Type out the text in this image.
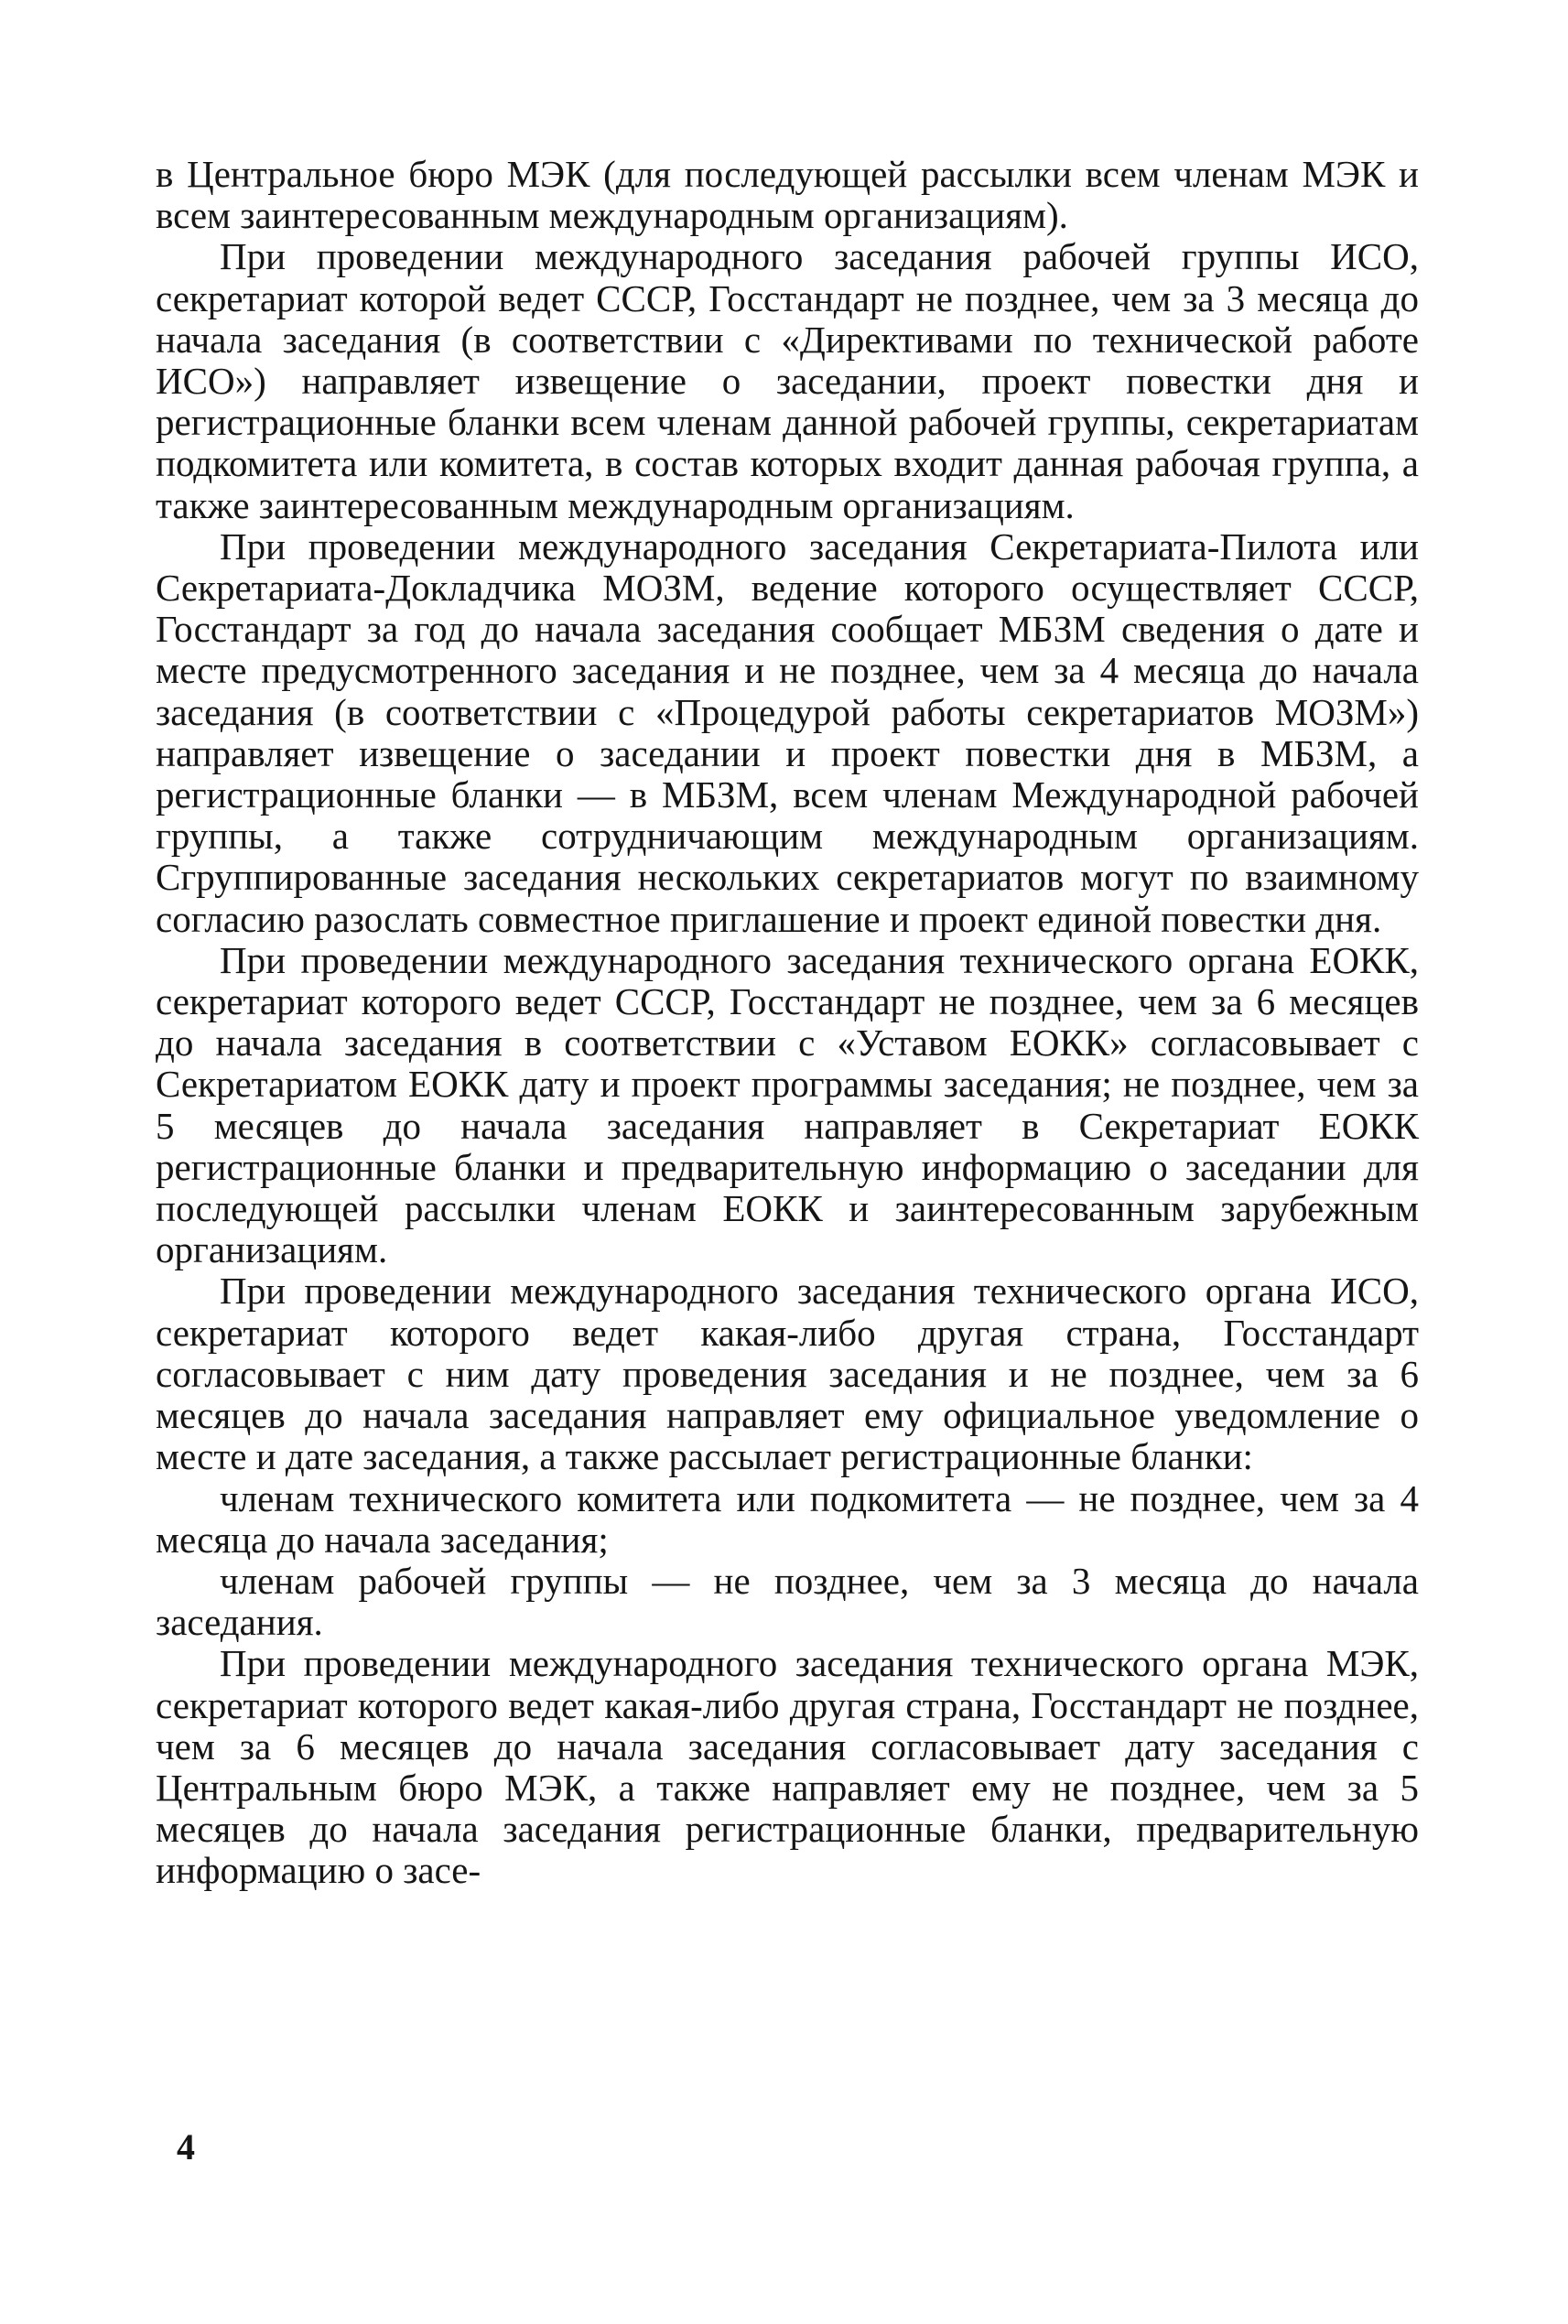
в Центральное бюро МЭК (для последующей рассылки всем членам МЭК и всем заинтересованным международным организациям).

При проведении международного заседания рабочей группы ИСО, секретариат которой ведет СССР, Госстандарт не позднее, чем за 3 месяца до начала заседания (в соответствии с «Директивами по технической работе ИСО») направляет извещение о заседании, проект повестки дня и регистрационные бланки всем членам данной рабочей группы, секретариатам подкомитета или комитета, в состав которых входит данная рабочая группа, а также заинтересованным международным организациям.

При проведении международного заседания Секретариата-Пилота или Секретариата-Докладчика МОЗМ, ведение которого осуществляет СССР, Госстандарт за год до начала заседания сообщает МБЗМ сведения о дате и месте предусмотренного заседания и не позднее, чем за 4 месяца до начала заседания (в соответствии с «Процедурой работы секретариатов МОЗМ») направляет извещение о заседании и проект повестки дня в МБЗМ, а регистрационные бланки — в МБЗМ, всем членам Международной рабочей группы, а также сотрудничающим международным организациям. Сгруппированные заседания нескольких секретариатов могут по взаимному согласию разослать совместное приглашение и проект единой повестки дня.

При проведении международного заседания технического органа ЕОКК, секретариат которого ведет СССР, Госстандарт не позднее, чем за 6 месяцев до начала заседания в соответствии с «Уставом ЕОКК» согласовывает с Секретариатом ЕОКК дату и проект программы заседания; не позднее, чем за 5 месяцев до начала заседания направляет в Секретариат ЕОКК регистрационные бланки и предварительную информацию о заседании для последующей рассылки членам ЕОКК и заинтересованным зарубежным организациям.

При проведении международного заседания технического органа ИСО, секретариат которого ведет какая-либо другая страна, Госстандарт согласовывает с ним дату проведения заседания и не позднее, чем за 6 месяцев до начала заседания направляет ему официальное уведомление о месте и дате заседания, а также рассылает регистрационные бланки:

членам технического комитета или подкомитета — не позднее, чем за 4 месяца до начала заседания;

членам рабочей группы — не позднее, чем за 3 месяца до начала заседания.

При проведении международного заседания технического органа МЭК, секретариат которого ведет какая-либо другая страна, Госстандарт не позднее, чем за 6 месяцев до начала заседания согласовывает дату заседания с Центральным бюро МЭК, а также направляет ему не позднее, чем за 5 месяцев до начала заседания регистрационные бланки, предварительную информацию о засе-

4
